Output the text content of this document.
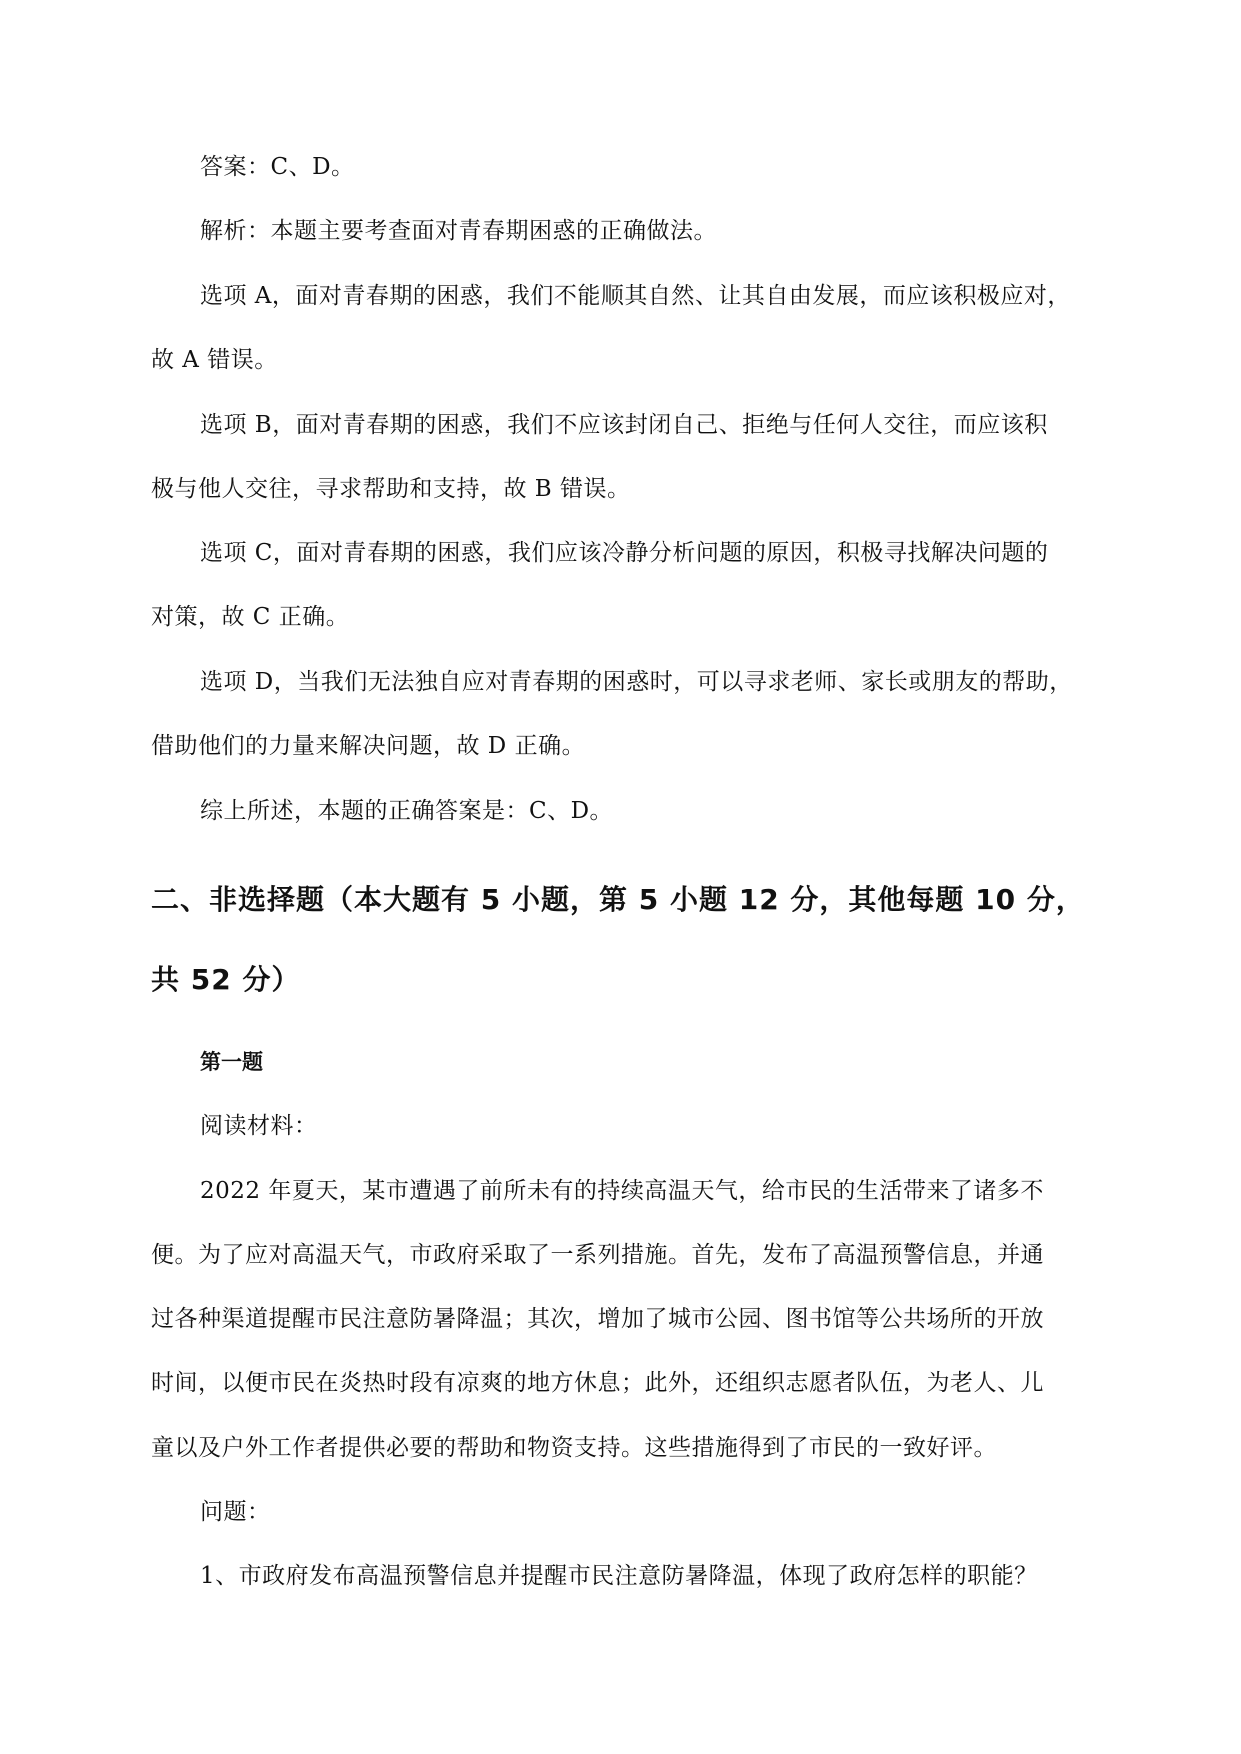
答案：C、D。
解析：本题主要考查面对青春期困惑的正确做法。
选项 A，面对青春期的困惑，我们不能顺其自然、让其自由发展，而应该积极应对，
故 A 错误。
选项 B，面对青春期的困惑，我们不应该封闭自己、拒绝与任何人交往，而应该积
极与他人交往，寻求帮助和支持，故 B 错误。
选项 C，面对青春期的困惑，我们应该冷静分析问题的原因，积极寻找解决问题的
对策，故 C 正确。
选项 D，当我们无法独自应对青春期的困惑时，可以寻求老师、家长或朋友的帮助，
借助他们的力量来解决问题，故 D 正确。
综上所述，本题的正确答案是：C、D。
二、非选择题（本大题有 5 小题，第 5 小题 12 分，其他每题 10 分，
共 52 分）
第一题
阅读材料：
2022 年夏天，某市遭遇了前所未有的持续高温天气，给市民的生活带来了诸多不
便。为了应对高温天气，市政府采取了一系列措施。首先，发布了高温预警信息，并通
过各种渠道提醒市民注意防暑降温；其次，增加了城市公园、图书馆等公共场所的开放
时间，以便市民在炎热时段有凉爽的地方休息；此外，还组织志愿者队伍，为老人、儿
童以及户外工作者提供必要的帮助和物资支持。这些措施得到了市民的一致好评。
问题：
1、市政府发布高温预警信息并提醒市民注意防暑降温，体现了政府怎样的职能？
